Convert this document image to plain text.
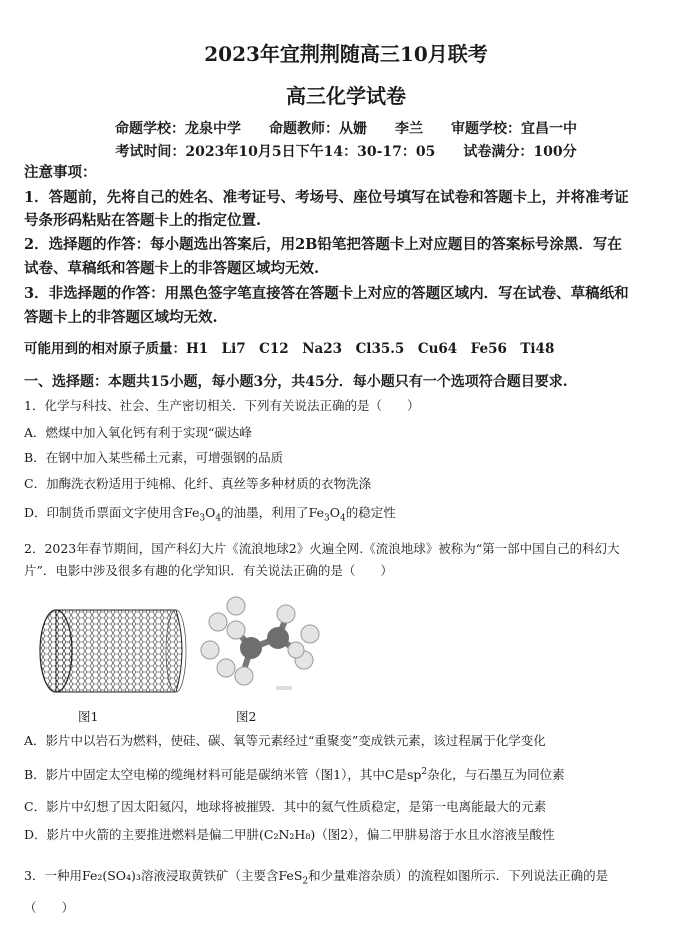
2023年宜荆荆随高三10月联考
高三化学试卷
命题学校：龙泉中学　　命题教师：从姗　　李兰　　审题学校：宜昌一中
考试时间：2023年10月5日下午14：30-17：05　　试卷满分：100分
注意事项：
1．答题前，先将自己的姓名、准考证号、考场号、座位号填写在试卷和答题卡上，并将准考证
号条形码粘贴在答题卡上的指定位置.
2．选择题的作答：每小题选出答案后，用2B铅笔把答题卡上对应题目的答案标号涂黑．写在
试卷、草稿纸和答题卡上的非答题区域均无效.
3．非选择题的作答：用黑色签字笔直接答在答题卡上对应的答题区域内．写在试卷、草稿纸和
答题卡上的非答题区域均无效.
可能用到的相对原子质量：H1　Li7　C12　Na23　Cl35.5　Cu64　Fe56　Ti48
一、选择题：本题共15小题，每小题3分，共45分．每小题只有一个选项符合题目要求.
1．化学与科技、社会、生产密切相关．下列有关说法正确的是（　　）
A．燃煤中加入氧化钙有利于实现“碳达峰
B．在钢中加入某些稀土元素，可增强钢的品质
C．加酶洗衣粉适用于纯棉、化纤、真丝等多种材质的衣物洗涤
D．印制货币票面文字使用含$Fe_3O_4$的油墨，利用了$Fe_3O_4$的稳定性
2．2023年春节期间，国产科幻大片《流浪地球2》火遍全网.《流浪地球》被称为“第一部中国自己的科幻大
片”．电影中涉及很多有趣的化学知识．有关说法正确的是（　　）
图1	图2
A．影片中以岩石为燃料，使硅、碳、氧等元素经过“重聚变”变成铁元素，该过程属于化学变化
B．影片中固定太空电梯的缆绳材料可能是碳纳米管（图1），其中C是$sp^2$杂化，与石墨互为同位素
C．影片中幻想了因太阳氦闪，地球将被摧毁．其中的氦气性质稳定，是第一电离能最大的元素
D．影片中火箭的主要推进燃料是偏二甲肼(C₂N₂H₈)（图2），偏二甲肼易溶于水且水溶液呈酸性
3．一种用Fe₂(SO₄)₃溶液浸取黄铁矿（主要含FeS$_2$和少量难溶杂质）的流程如图所示．下列说法正确的是
（　　）
